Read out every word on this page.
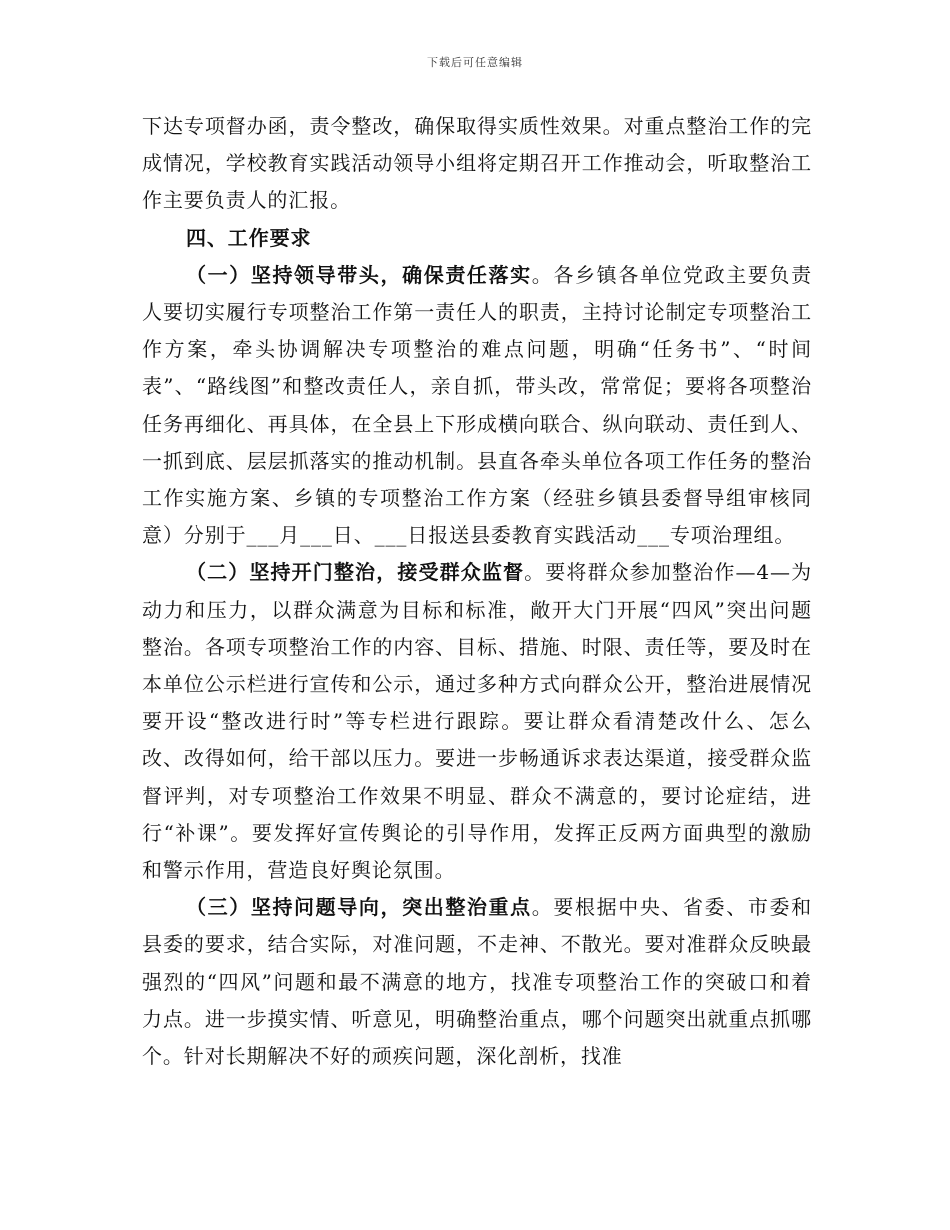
下载后可任意编辑

下达专项督办函，责令整改，确保取得实质性效果。对重点整治工作的完成情况，学校教育实践活动领导小组将定期召开工作推动会，听取整治工作主要负责人的汇报。

四、工作要求

（一）坚持领导带头，确保责任落实。各乡镇各单位党政主要负责人要切实履行专项整治工作第一责任人的职责，主持讨论制定专项整治工作方案，牵头协调解决专项整治的难点问题，明确“任务书”、“时间表”、“路线图”和整改责任人，亲自抓，带头改，常常促；要将各项整治任务再细化、再具体，在全县上下形成横向联合、纵向联动、责任到人、一抓到底、层层抓落实的推动机制。县直各牵头单位各项工作任务的整治工作实施方案、乡镇的专项整治工作方案（经驻乡镇县委督导组审核同意）分别于___月___日、___日报送县委教育实践活动___专项治理组。

（二）坚持开门整治，接受群众监督。要将群众参加整治作—4—为动力和压力，以群众满意为目标和标准，敞开大门开展“四风”突出问题整治。各项专项整治工作的内容、目标、措施、时限、责任等，要及时在本单位公示栏进行宣传和公示，通过多种方式向群众公开，整治进展情况要开设“整改进行时”等专栏进行跟踪。要让群众看清楚改什么、怎么改、改得如何，给干部以压力。要进一步畅通诉求表达渠道，接受群众监督评判，对专项整治工作效果不明显、群众不满意的，要讨论症结，进行“补课”。要发挥好宣传舆论的引导作用，发挥正反两方面典型的激励和警示作用，营造良好舆论氛围。

（三）坚持问题导向，突出整治重点。要根据中央、省委、市委和县委的要求，结合实际，对准问题，不走神、不散光。要对准群众反映最强烈的“四风”问题和最不满意的地方，找准专项整治工作的突破口和着力点。进一步摸实情、听意见，明确整治重点，哪个问题突出就重点抓哪个。针对长期解决不好的顽疾问题，深化剖析，找准
